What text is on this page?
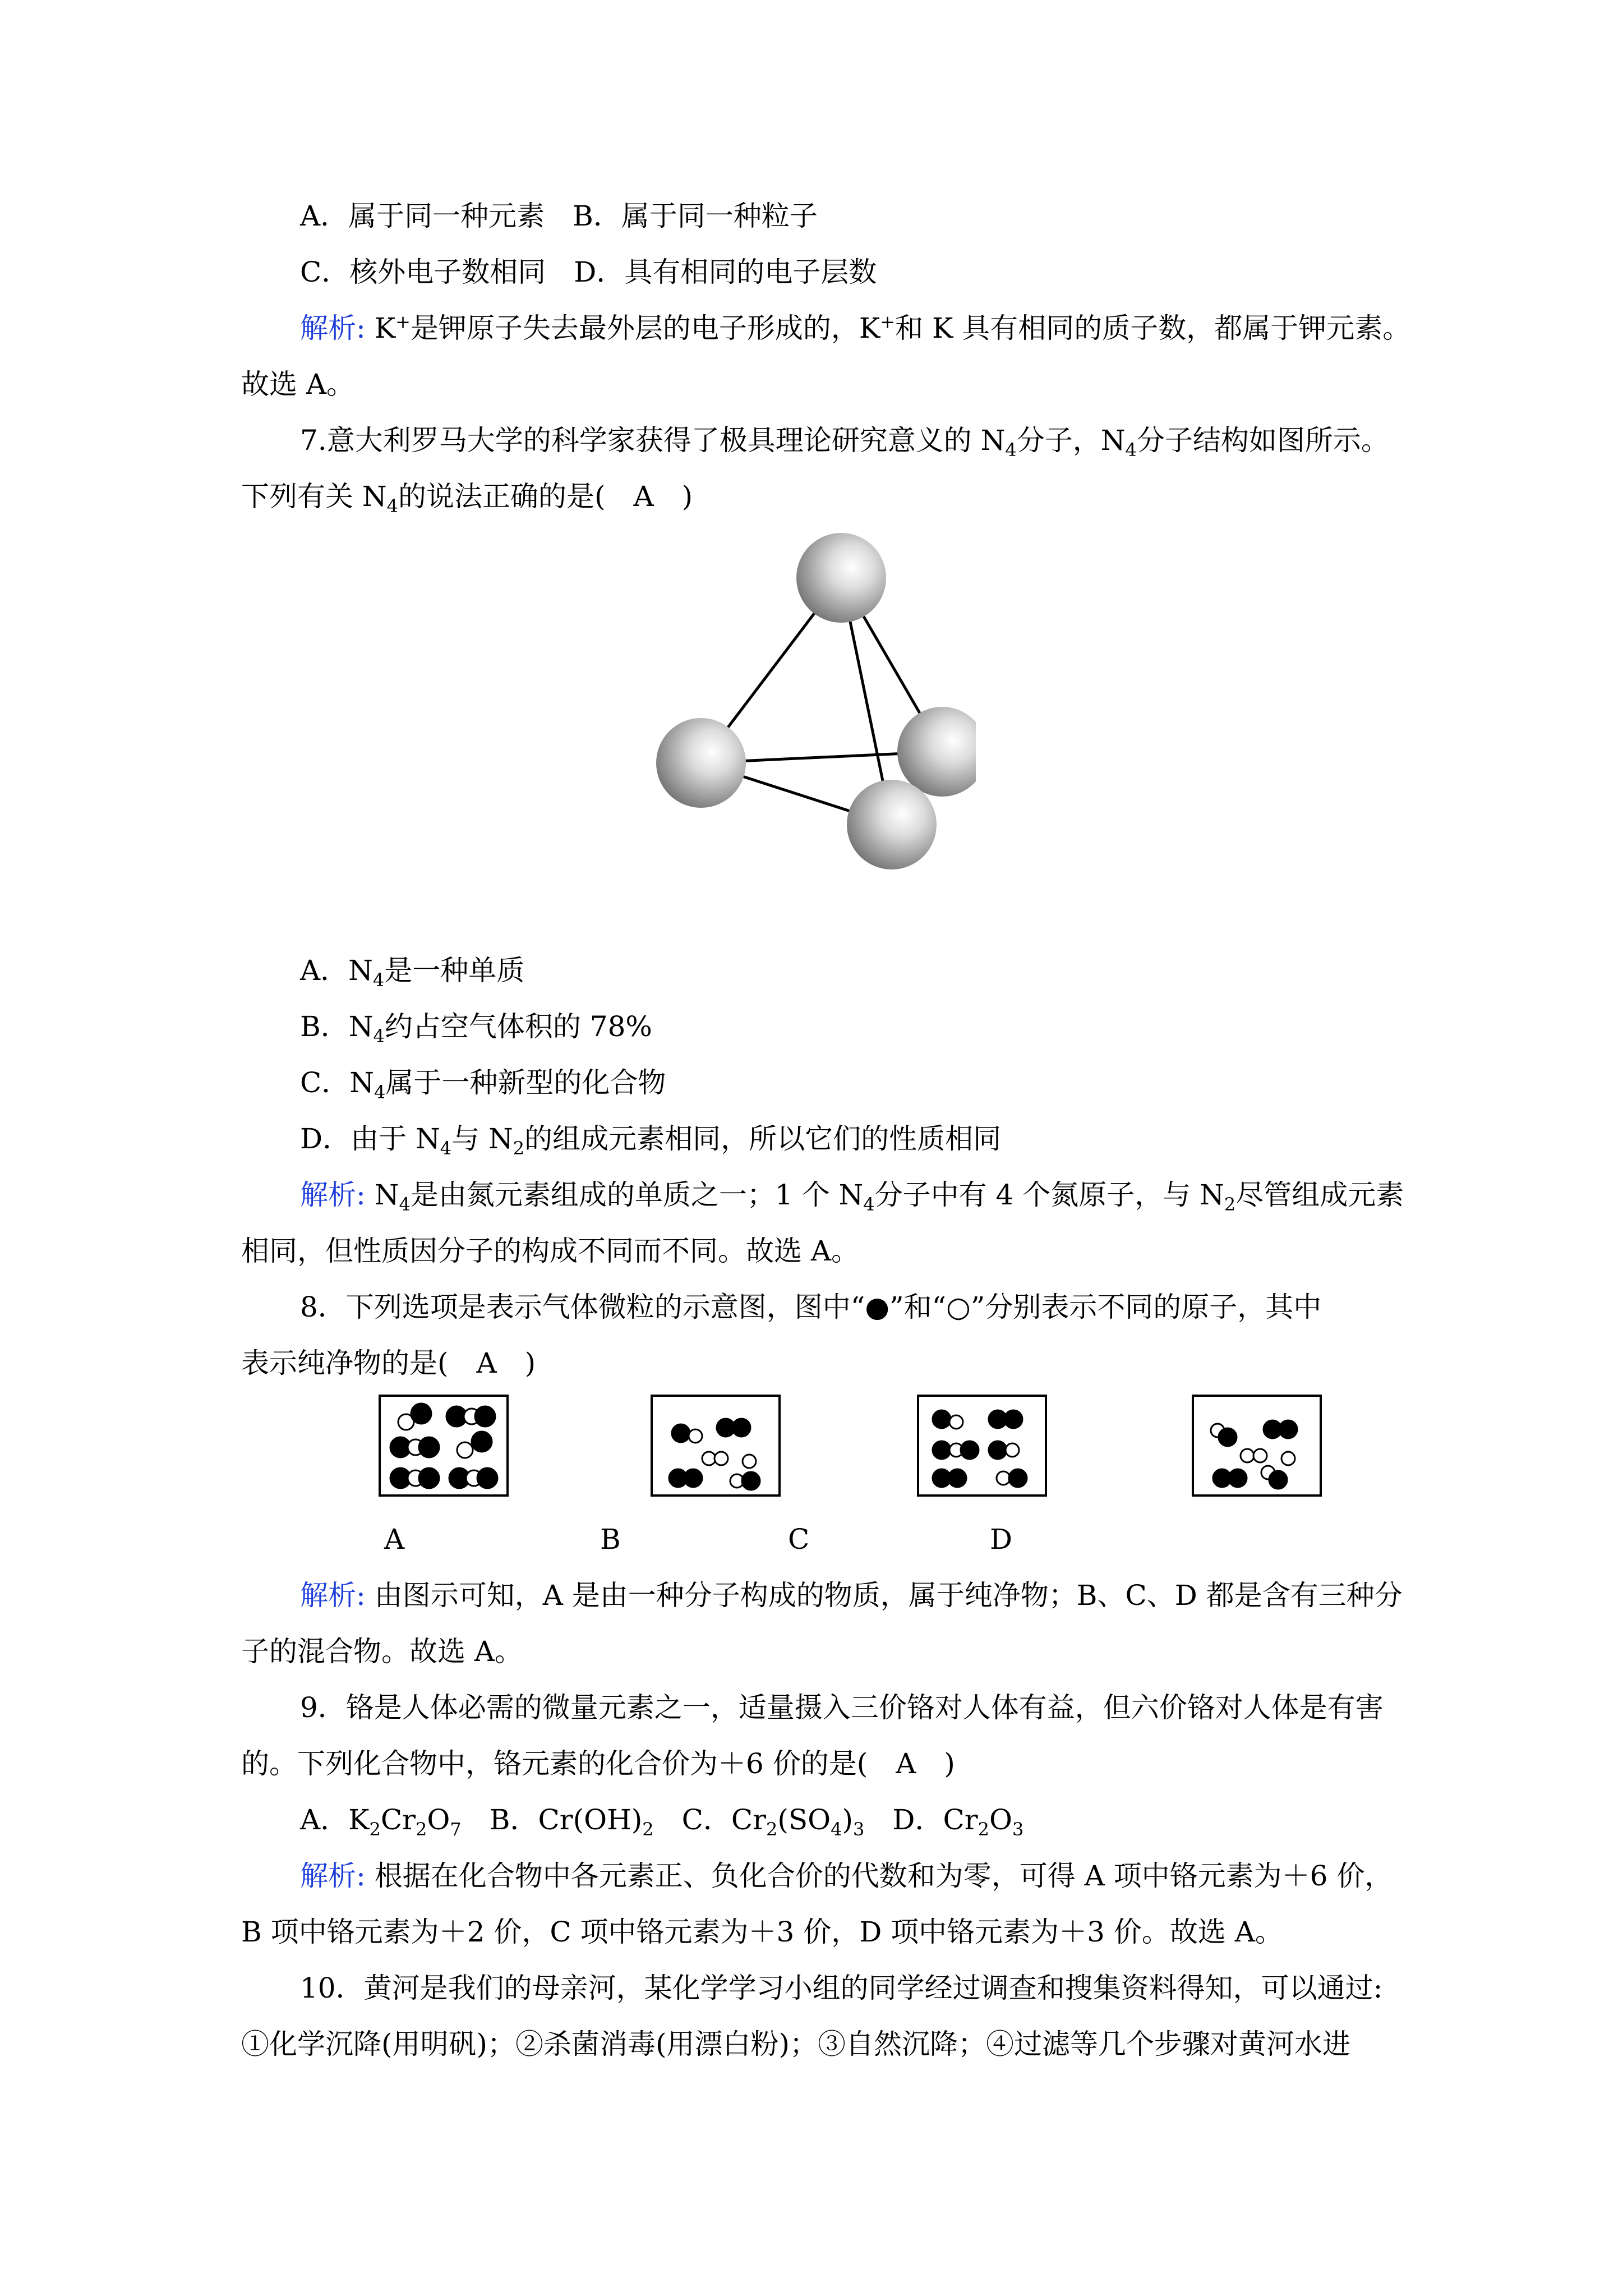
A．属于同一种元素　B．属于同一种粒子
C．核外电子数相同　D．具有相同的电子层数
解析: K+是钾原子失去最外层的电子形成的，K+和 K 具有相同的质子数，都属于钾元素。
故选 A。
7.意大利罗马大学的科学家获得了极具理论研究意义的 $N_4$分子，$N_4$分子结构如图所示。
下列有关 $N_4$的说法正确的是(　A　)
A．$N_4$是一种单质
B．$N_4$约占空气体积的 78%
C．$N_4$属于一种新型的化合物
D．由于 $N_4$与 $N_2$的组成元素相同，所以它们的性质相同
解析: $N_4$是由氮元素组成的单质之一；1 个 $N_4$分子中有 4 个氮原子，与 $N_2$尽管组成元素
相同，但性质因分子的构成不同而不同。故选 A。
8．下列选项是表示气体微粒的示意图，图中“●”和“○”分别表示不同的原子，其中
表示纯净物的是(　A　)
A	B	C	D
解析: 由图示可知，A 是由一种分子构成的物质，属于纯净物；B、C、D 都是含有三种分
子的混合物。故选 A。
9．铬是人体必需的微量元素之一，适量摄入三价铬对人体有益，但六价铬对人体是有害
的。下列化合物中，铬元素的化合价为＋6 价的是(　A　)
A．$K_2Cr_2O_7$　B．$Cr(OH)_2$　C．$Cr_2(SO_4)_3$　D．$Cr_2O_3$
解析: 根据在化合物中各元素正、负化合价的代数和为零，可得 A 项中铬元素为＋6 价，
B 项中铬元素为＋2 价，C 项中铬元素为＋3 价，D 项中铬元素为＋3 价。故选 A。
10．黄河是我们的母亲河，某化学学习小组的同学经过调查和搜集资料得知，可以通过:
①化学沉降(用明矾)；②杀菌消毒(用漂白粉)；③自然沉降；④过滤等几个步骤对黄河水进
